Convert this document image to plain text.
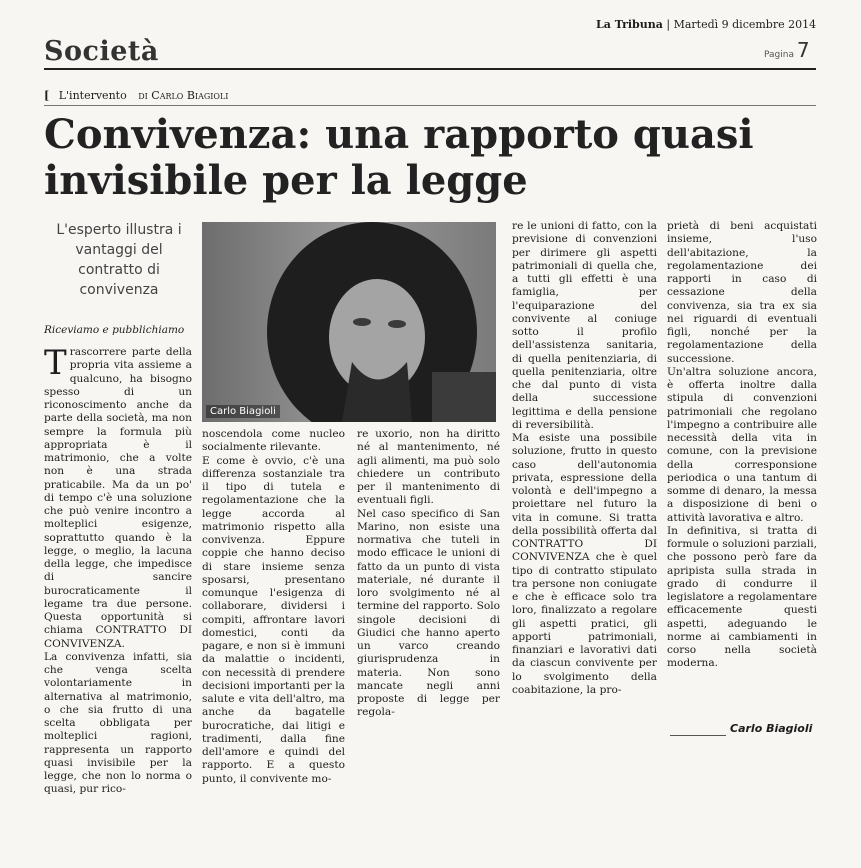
La Tribuna | Martedì 9 dicembre 2014
Società	Pagina 7
[ L'intervento di Carlo Biagioli
Convivenza: una rapporto quasi invisibile per la legge
L'esperto illustra i vantaggi del contratto di convivenza
Riceviamo e pubblichiamo
Carlo Biagioli
Trascorrere parte della propria vita assieme a qualcuno, ha bisogno spesso di un riconoscimento anche da parte della società, ma non sempre la formula più appropriata è il matrimonio, che a volte non è una strada praticabile. Ma da un po' di tempo c'è una soluzione che può venire incontro a molteplici esigenze, soprattutto quando è la legge, o meglio, la lacuna della legge, che impedisce di sancire burocraticamente il legame tra due persone. Questa opportunità si chiama CONTRATTO DI CONVIVENZA.
La convivenza infatti, sia che venga scelta volontariamente in alternativa al matrimonio, o che sia frutto di una scelta obbligata per molteplici ragioni, rappresenta un rapporto quasi invisibile per la legge, che non lo norma o quasi, pur rico-
noscendola come nucleo socialmente rilevante.
E come è ovvio, c'è una differenza sostanziale tra il tipo di tutela e regolamentazione che la legge accorda al matrimonio rispetto alla convivenza. Eppure coppie che hanno deciso di stare insieme senza sposarsi, presentano comunque l'esigenza di collaborare, dividersi i compiti, affrontare lavori domestici, conti da pagare, e non si è immuni da malattie o incidenti, con necessità di prendere decisioni importanti per la salute e vita dell'altro, ma anche da bagatelle burocratiche, dai litigi e tradimenti, dalla fine dell'amore e quindi del rapporto. E a questo punto, il convivente mo-
re uxorio, non ha diritto né al mantenimento, né agli alimenti, ma può solo chiedere un contributo per il mantenimento di eventuali figli.
Nel caso specifico di San Marino, non esiste una normativa che tuteli in modo efficace le unioni di fatto da un punto di vista materiale, né durante il loro svolgimento né al termine del rapporto. Solo singole decisioni di Giudici che hanno aperto un varco creando giurisprudenza in materia. Non sono mancate negli anni proposte di legge per regola-
re le unioni di fatto, con la previsione di convenzioni per dirimere gli aspetti patrimoniali di quella che, a tutti gli effetti è una famiglia, per l'equiparazione del convivente al coniuge sotto il profilo dell'assistenza sanitaria, di quella penitenziaria, di quella penitenziaria, oltre che dal punto di vista della successione legittima e della pensione di reversibilità.
Ma esiste una possibile soluzione, frutto in questo caso dell'autonomia privata, espressione della volontà e dell'impegno a proiettare nel futuro la vita in comune. Si tratta della possibilità offerta dal CONTRATTO DI CONVIVENZA che è quel tipo di contratto stipulato tra persone non coniugate e che è efficace solo tra loro, finalizzato a regolare gli aspetti pratici, gli apporti patrimoniali, finanziari e lavorativi dati da ciascun convivente per lo svolgimento della coabitazione, la pro-
prietà di beni acquistati insieme, l'uso dell'abitazione, la regolamentazione dei rapporti in caso di cessazione della convivenza, sia tra ex sia nei riguardi di eventuali figli, nonché per la regolamentazione della successione.
Un'altra soluzione ancora, è offerta inoltre dalla stipula di convenzioni patrimoniali che regolano l'impegno a contribuire alle necessità della vita in comune, con la previsione della corresponsione periodica o una tantum di somme di denaro, la messa a disposizione di beni o attività lavorativa e altro.
In definitiva, si tratta di formule o soluzioni parziali, che possono però fare da apripista sulla strada in grado di condurre il legislatore a regolamentare efficacemente questi aspetti, adeguando le norme ai cambiamenti in corso nella società moderna.
Carlo Biagioli
